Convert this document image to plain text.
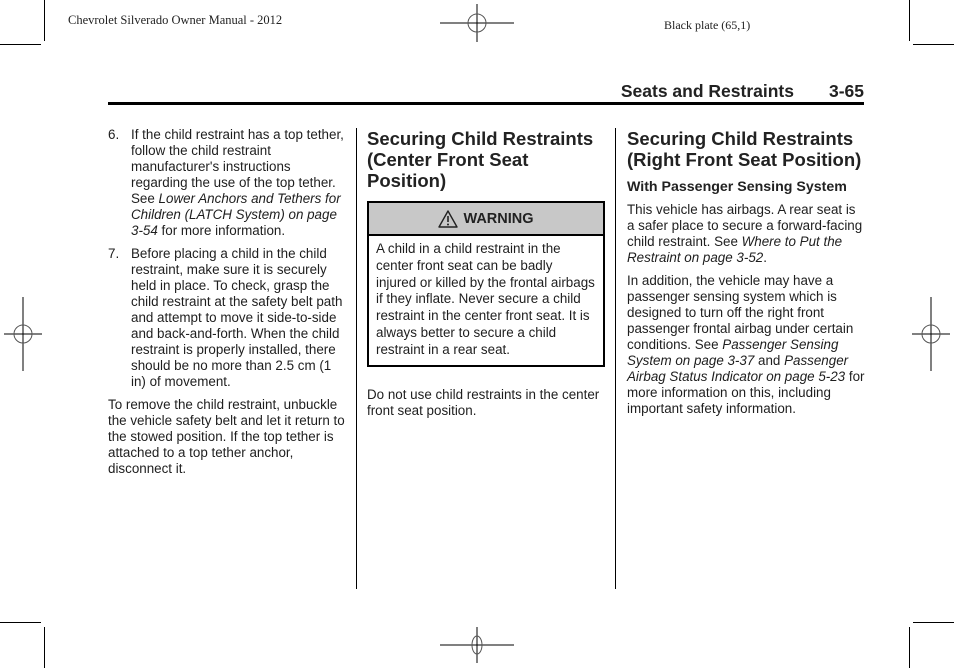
Chevrolet Silverado Owner Manual - 2012	Black plate (65,1)
Seats and Restraints 3-65
6. If the child restraint has a top tether, follow the child restraint manufacturer's instructions regarding the use of the top tether. See Lower Anchors and Tethers for Children (LATCH System) on page 3-54 for more information.
7. Before placing a child in the child restraint, make sure it is securely held in place. To check, grasp the child restraint at the safety belt path and attempt to move it side-to-side and back-and-forth. When the child restraint is properly installed, there should be no more than 2.5 cm (1 in) of movement.

To remove the child restraint, unbuckle the vehicle safety belt and let it return to the stowed position. If the top tether is attached to a top tether anchor, disconnect it.

Securing Child Restraints (Center Front Seat Position)
WARNING
A child in a child restraint in the center front seat can be badly injured or killed by the frontal airbags if they inflate. Never secure a child restraint in the center front seat. It is always better to secure a child restraint in a rear seat.

Do not use child restraints in the center front seat position.

Securing Child Restraints (Right Front Seat Position)
With Passenger Sensing System

This vehicle has airbags. A rear seat is a safer place to secure a forward-facing child restraint. See Where to Put the Restraint on page 3-52.

In addition, the vehicle may have a passenger sensing system which is designed to turn off the right front passenger frontal airbag under certain conditions. See Passenger Sensing System on page 3-37 and Passenger Airbag Status Indicator on page 5-23 for more information on this, including important safety information.
